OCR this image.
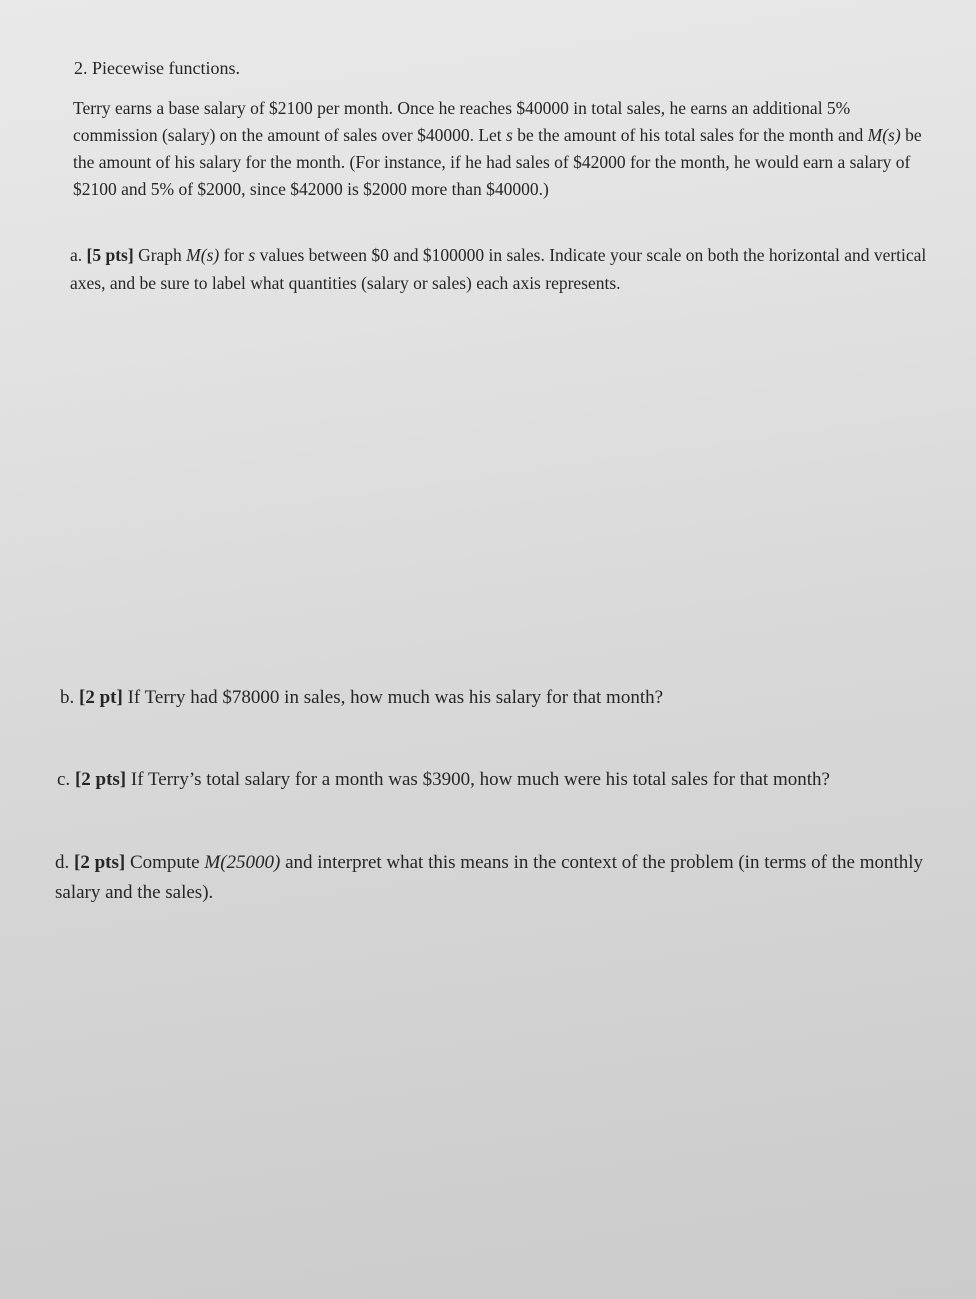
2. Piecewise functions.

Terry earns a base salary of $2100 per month. Once he reaches $40000 in total sales, he earns an additional 5% commission (salary) on the amount of sales over $40000. Let s be the amount of his total sales for the month and M(s) be the amount of his salary for the month. (For instance, if he had sales of $42000 for the month, he would earn a salary of $2100 and 5% of $2000, since $42000 is $2000 more than $40000.)

a. [5 pts] Graph M(s) for s values between $0 and $100000 in sales. Indicate your scale on both the horizontal and vertical axes, and be sure to label what quantities (salary or sales) each axis represents.

b. [2 pt] If Terry had $78000 in sales, how much was his salary for that month?

c. [2 pts] If Terry’s total salary for a month was $3900, how much were his total sales for that month?

d. [2 pts] Compute M(25000) and interpret what this means in the context of the problem (in terms of the monthly salary and the sales).
